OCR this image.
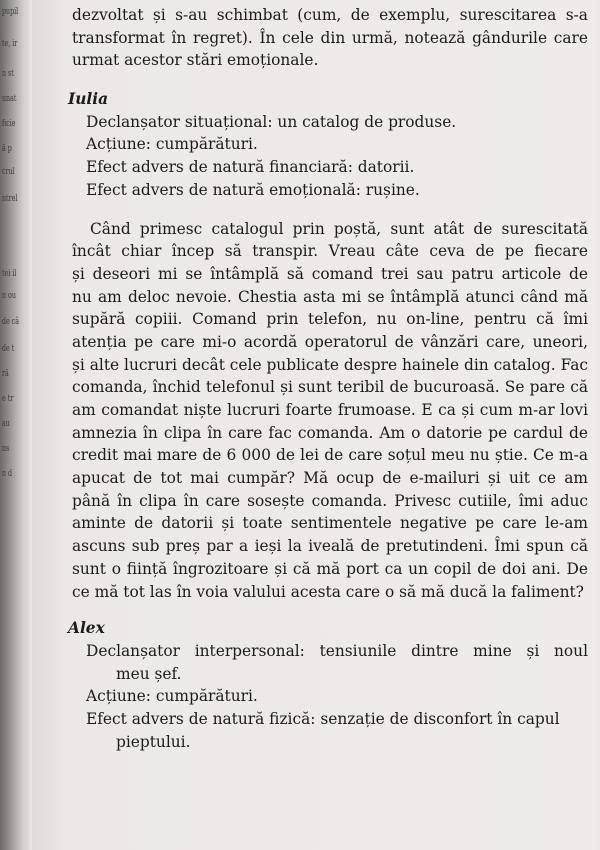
pupil
te, ir
n st
unat
ficie
ă p
crul
ntrel
tei il
n ou
de cȃ
de t
ră
e tr
au
ns
n d
dezvoltat și s-au schimbat (cum, de exemplu, surescitarea s-a
transformat în regret). În cele din urmă, notează gândurile care
urmat acestor stări emoționale.
Iulia
Declanșator situațional: un catalog de produse.
Acțiune: cumpărături.
Efect advers de natură financiară: datorii.
Efect advers de natură emoțională: rușine.
Când primesc catalogul prin poștă, sunt atât de surescitată
încât chiar încep să transpir. Vreau câte ceva de pe fiecare
și deseori mi se întâmplă să comand trei sau patru articole de
nu am deloc nevoie. Chestia asta mi se întâmplă atunci când mă
supără copiii. Comand prin telefon, nu on-line, pentru că îmi
atenția pe care mi-o acordă operatorul de vânzări care, uneori,
și alte lucruri decât cele publicate despre hainele din catalog. Fac
comanda, închid telefonul și sunt teribil de bucuroasă. Se pare că
am comandat niște lucruri foarte frumoase. E ca și cum m-ar lovi
amnezia în clipa în care fac comanda. Am o datorie pe cardul de
credit mai mare de 6 000 de lei de care soțul meu nu știe. Ce m-a
apucat de tot mai cumpăr? Mă ocup de e-mailuri și uit ce am
până în clipa în care sosește comanda. Privesc cutiile, îmi aduc
aminte de datorii și toate sentimentele negative pe care le-am
ascuns sub preș par a ieși la iveală de pretutindeni. Îmi spun că
sunt o ființă îngrozitoare și că mă port ca un copil de doi ani. De
ce mă tot las în voia valului acesta care o să mă ducă la faliment?
Alex
Declanșator interpersonal: tensiunile dintre mine și noul
meu șef.
Acțiune: cumpărături.
Efect advers de natură fizică: senzație de disconfort în capul
pieptului.
